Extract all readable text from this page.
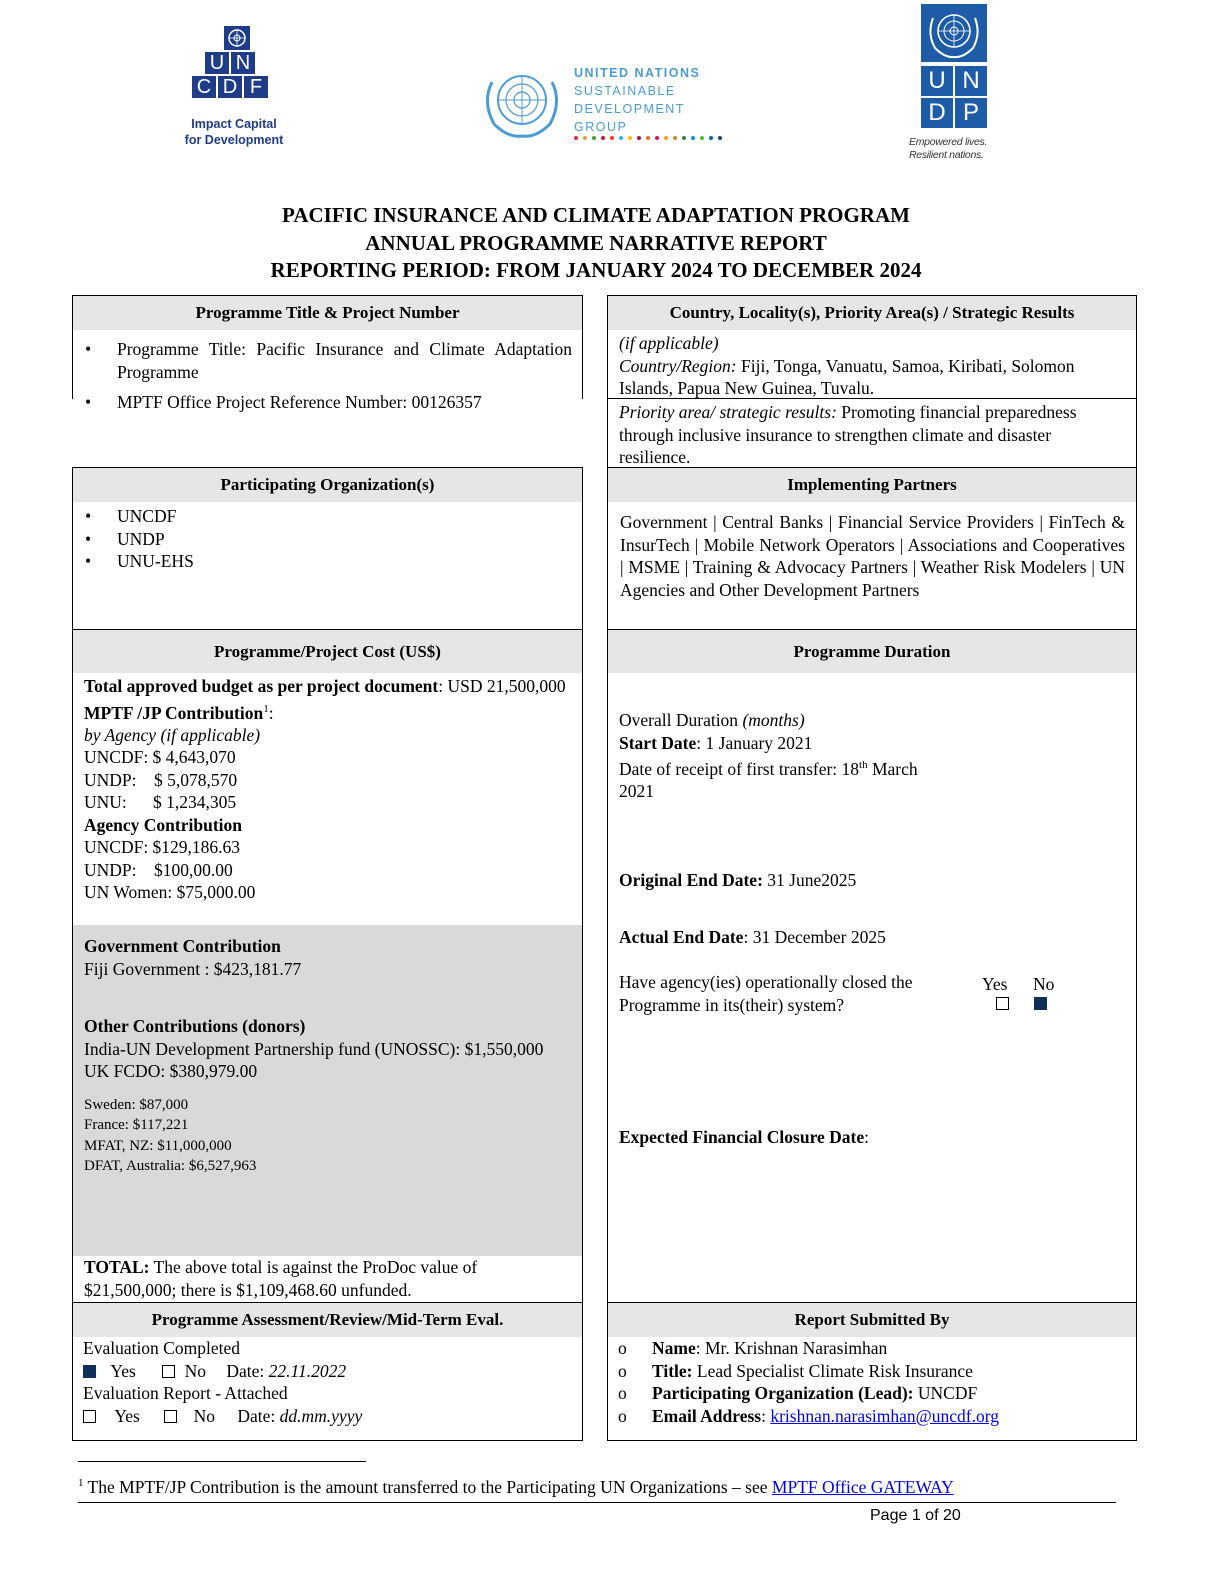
U N
C D F
Impact Capital
for Development
UNITED NATIONS
SUSTAINABLE
DEVELOPMENT
GROUP
U N
D P
Empowered lives.
Resilient nations.
PACIFIC INSURANCE AND CLIMATE ADAPTATION PROGRAM
ANNUAL PROGRAMME NARRATIVE REPORT
REPORTING PERIOD: FROM JANUARY 2024 TO DECEMBER 2024
Programme Title & Project Number
• Programme Title: Pacific Insurance and Climate Adaptation Programme
• MPTF Office Project Reference Number: 00126357
Country, Locality(s), Priority Area(s) / Strategic Results
(if applicable)
Country/Region: Fiji, Tonga, Vanuatu, Samoa, Kiribati, Solomon Islands, Papua New Guinea, Tuvalu.
Priority area/ strategic results: Promoting financial preparedness through inclusive insurance to strengthen climate and disaster resilience.
Participating Organization(s)
• UNCDF
• UNDP
• UNU-EHS
Implementing Partners
Government | Central Banks | Financial Service Providers | FinTech & InsurTech | Mobile Network Operators | Associations and Cooperatives | MSME | Training & Advocacy Partners | Weather Risk Modelers | UN Agencies and Other Development Partners
Programme/Project Cost (US$)
Total approved budget as per project document: USD 21,500,000
MPTF /JP Contribution$^1$:
by Agency (if applicable)
UNCDF: $ 4,643,070
UNDP:    $ 5,078,570
UNU:      $ 1,234,305
Agency Contribution
UNCDF: $129,186.63
UNDP:    $100,00.00
UN Women: $75,000.00
Government Contribution
Fiji Government : $423,181.77
Other Contributions (donors)
India-UN Development Partnership fund (UNOSSC): $1,550,000
UK FCDO: $380,979.00
Sweden: $87,000
France: $117,221
MFAT, NZ: $11,000,000
DFAT, Australia: $6,527,963
TOTAL: The above total is against the ProDoc value of $21,500,000; there is $1,109,468.60 unfunded.
Programme Duration
Overall Duration (months)
Start Date: 1 January 2021
Date of receipt of first transfer: 18th March
2021
Original End Date: 31 June2025
Actual End Date: 31 December 2025
Have agency(ies) operationally closed the Programme in its(their) system?
Yes No
Expected Financial Closure Date:
Programme Assessment/Review/Mid-Term Eval.
Evaluation Completed
Yes	No Date: 22.11.2022
Evaluation Report - Attached
Yes	No Date: dd.mm.yyyy
Report Submitted By
o Name: Mr. Krishnan Narasimhan
o Title: Lead Specialist Climate Risk Insurance
o Participating Organization (Lead): UNCDF
o Email Address: krishnan.narasimhan@uncdf.org
$^1$ The MPTF/JP Contribution is the amount transferred to the Participating UN Organizations – see MPTF Office GATEWAY
Page 1 of 20
